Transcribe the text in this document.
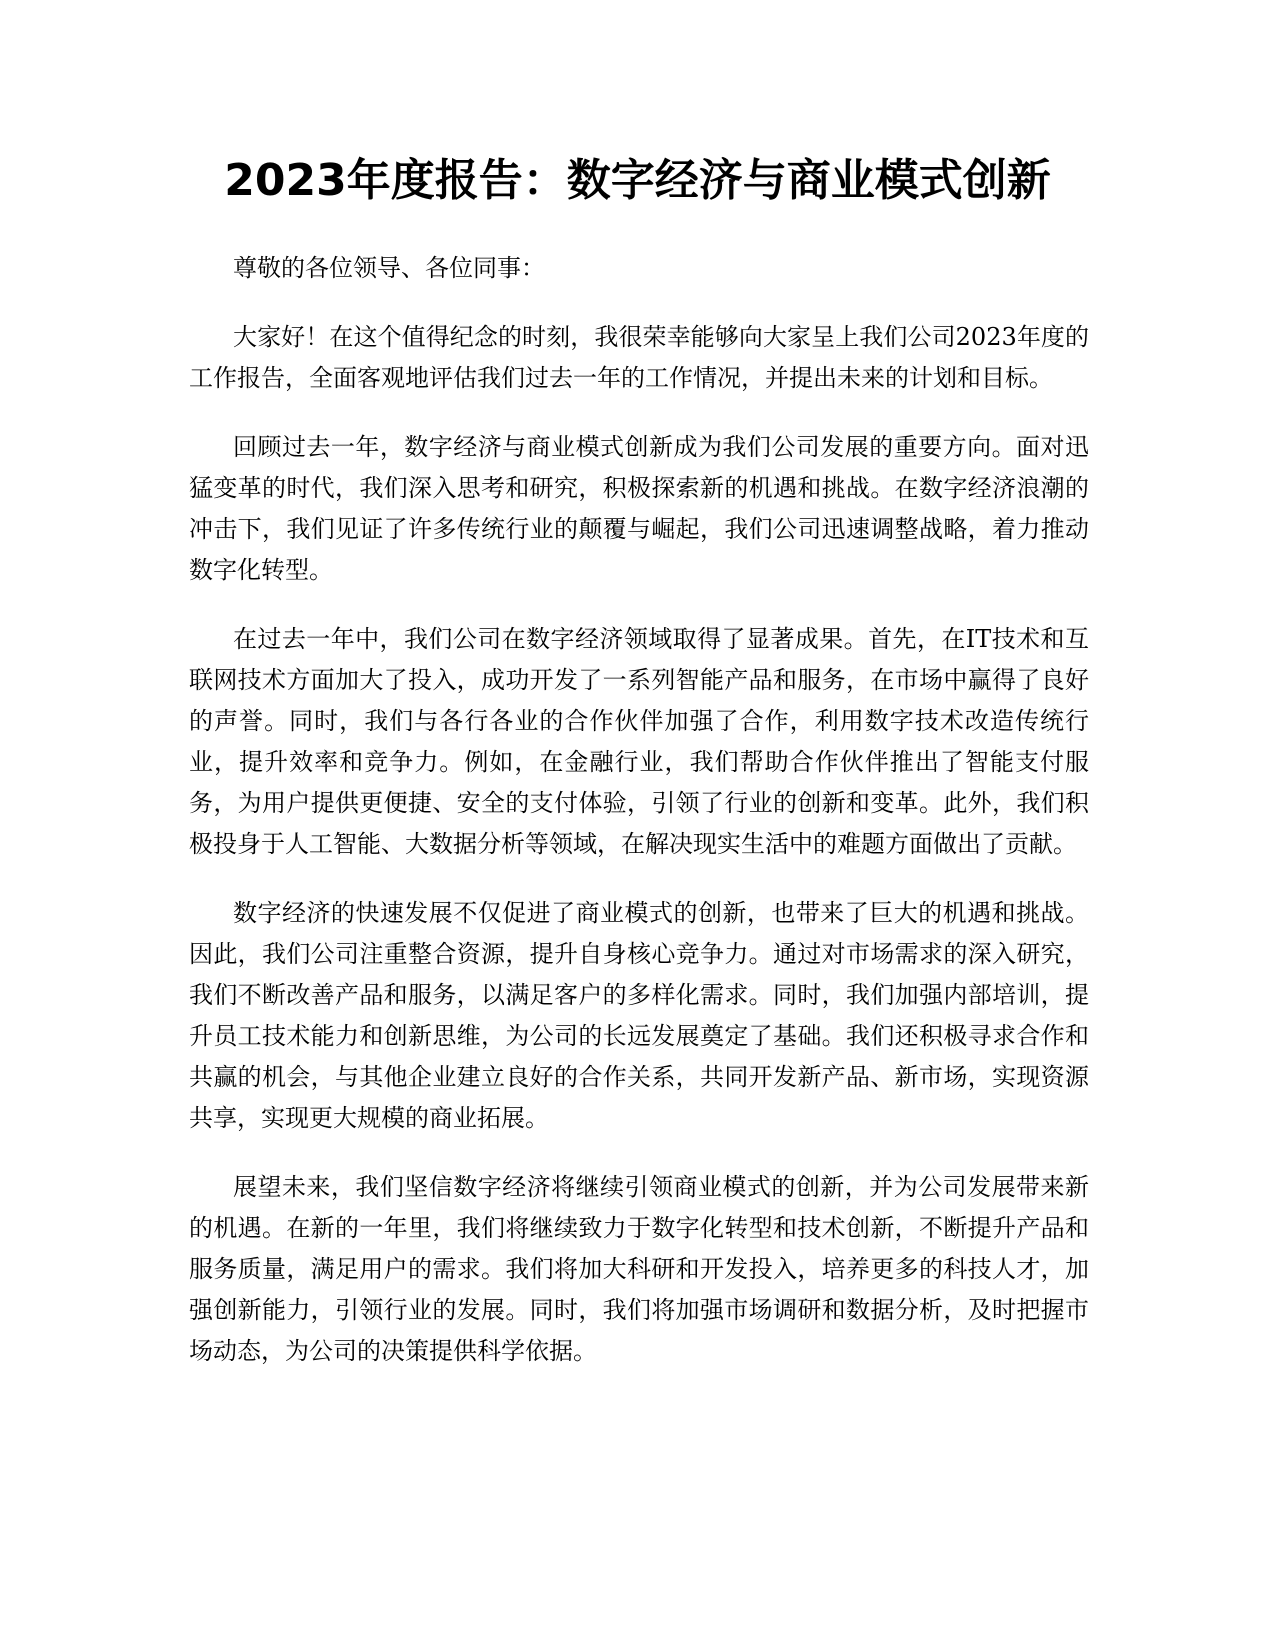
2023年度报告：数字经济与商业模式创新

尊敬的各位领导、各位同事：

大家好！在这个值得纪念的时刻，我很荣幸能够向大家呈上我们公司2023年度的工作报告，全面客观地评估我们过去一年的工作情况，并提出未来的计划和目标。

回顾过去一年，数字经济与商业模式创新成为我们公司发展的重要方向。面对迅猛变革的时代，我们深入思考和研究，积极探索新的机遇和挑战。在数字经济浪潮的冲击下，我们见证了许多传统行业的颠覆与崛起，我们公司迅速调整战略，着力推动数字化转型。

在过去一年中，我们公司在数字经济领域取得了显著成果。首先，在IT技术和互联网技术方面加大了投入，成功开发了一系列智能产品和服务，在市场中赢得了良好的声誉。同时，我们与各行各业的合作伙伴加强了合作，利用数字技术改造传统行业，提升效率和竞争力。例如，在金融行业，我们帮助合作伙伴推出了智能支付服务，为用户提供更便捷、安全的支付体验，引领了行业的创新和变革。此外，我们积极投身于人工智能、大数据分析等领域，在解决现实生活中的难题方面做出了贡献。

数字经济的快速发展不仅促进了商业模式的创新，也带来了巨大的机遇和挑战。因此，我们公司注重整合资源，提升自身核心竞争力。通过对市场需求的深入研究，我们不断改善产品和服务，以满足客户的多样化需求。同时，我们加强内部培训，提升员工技术能力和创新思维，为公司的长远发展奠定了基础。我们还积极寻求合作和共赢的机会，与其他企业建立良好的合作关系，共同开发新产品、新市场，实现资源共享，实现更大规模的商业拓展。

展望未来，我们坚信数字经济将继续引领商业模式的创新，并为公司发展带来新的机遇。在新的一年里，我们将继续致力于数字化转型和技术创新，不断提升产品和服务质量，满足用户的需求。我们将加大科研和开发投入，培养更多的科技人才，加强创新能力，引领行业的发展。同时，我们将加强市场调研和数据分析，及时把握市场动态，为公司的决策提供科学依据。
